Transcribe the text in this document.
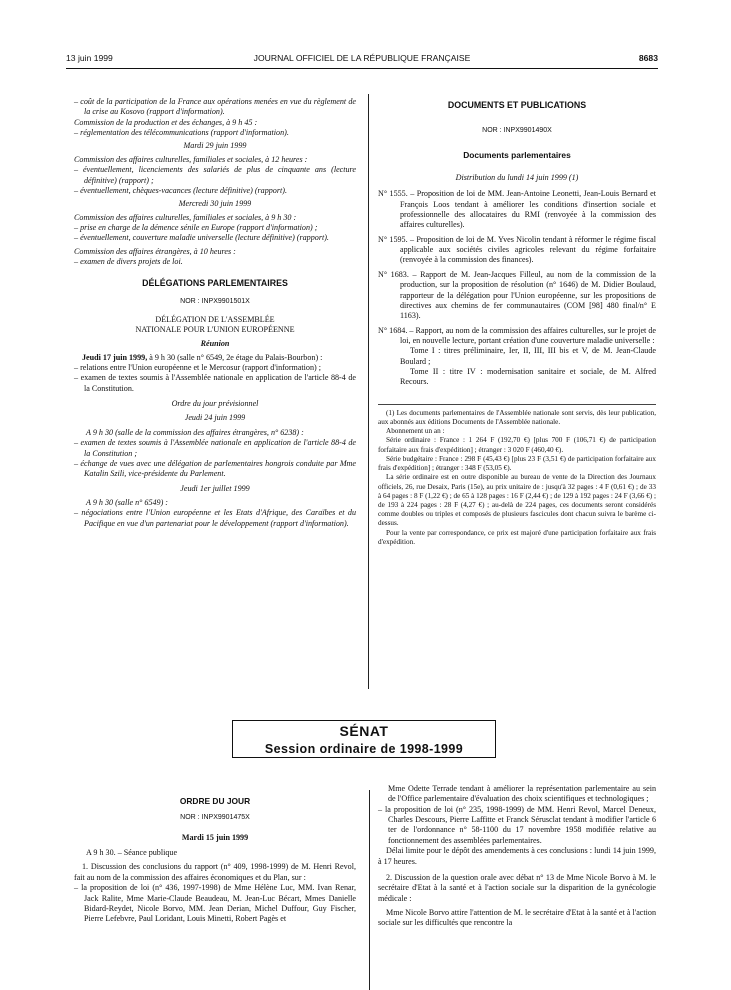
13 juin 1999	JOURNAL OFFICIEL DE LA RÉPUBLIQUE FRANÇAISE	8683

– coût de la participation de la France aux opérations menées en vue du règlement de la crise au Kosovo (rapport d'information).

Commission de la production et des échanges, à 9 h 45 :

– réglementation des télécommunications (rapport d'information).

Mardi 29 juin 1999

Commission des affaires culturelles, familiales et sociales, à 12 heures :

– éventuellement, licenciements des salariés de plus de cinquante ans (lecture définitive) (rapport) ;

– éventuellement, chèques-vacances (lecture définitive) (rapport).

Mercredi 30 juin 1999

Commission des affaires culturelles, familiales et sociales, à 9 h 30 :

– prise en charge de la démence sénile en Europe (rapport d'information) ;

– éventuellement, couverture maladie universelle (lecture définitive) (rapport).

Commission des affaires étrangères, à 10 heures :

– examen de divers projets de loi.

DÉLÉGATIONS PARLEMENTAIRES

NOR : INPX9901501X

DÉLÉGATION DE L'ASSEMBLÉE NATIONALE POUR L'UNION EUROPÉENNE

Réunion

Jeudi 17 juin 1999, à 9 h 30 (salle n° 6549, 2e étage du Palais-Bourbon) :

– relations entre l'Union européenne et le Mercosur (rapport d'information) ;

– examen de textes soumis à l'Assemblée nationale en application de l'article 88-4 de la Constitution.

Ordre du jour prévisionnel

Jeudi 24 juin 1999

A 9 h 30 (salle de la commission des affaires étrangères, n° 6238) :

– examen de textes soumis à l'Assemblée nationale en application de l'article 88-4 de la Constitution ;

– échange de vues avec une délégation de parlementaires hongrois conduite par Mme Katalin Szili, vice-présidente du Parlement.

Jeudi 1er juillet 1999

A 9 h 30 (salle n° 6549) :

– négociations entre l'Union européenne et les Etats d'Afrique, des Caraïbes et du Pacifique en vue d'un partenariat pour le développement (rapport d'information).

DOCUMENTS ET PUBLICATIONS

NOR : INPX9901490X

Documents parlementaires

Distribution du lundi 14 juin 1999 (1)

N° 1555. – Proposition de loi de MM. Jean-Antoine Leonetti, Jean-Louis Bernard et François Loos tendant à améliorer les conditions d'insertion sociale et professionnelle des allocataires du RMI (renvoyée à la commission des affaires culturelles).

N° 1595. – Proposition de loi de M. Yves Nicolin tendant à réformer le régime fiscal applicable aux sociétés civiles agricoles relevant du régime forfaitaire (renvoyée à la commission des finances).

N° 1683. – Rapport de M. Jean-Jacques Filleul, au nom de la commission de la production, sur la proposition de résolution (n° 1646) de M. Didier Boulaud, rapporteur de la délégation pour l'Union européenne, sur les propositions de directives aux chemins de fer communautaires (COM [98] 480 final/n° E 1163).

N° 1684. – Rapport, au nom de la commission des affaires culturelles, sur le projet de loi, en nouvelle lecture, portant création d'une couverture maladie universelle :

Tome I : titres préliminaire, Ier, II, III, III bis et V, de M. Jean-Claude Boulard ;

Tome II : titre IV : modernisation sanitaire et sociale, de M. Alfred Recours.

(1) Les documents parlementaires de l'Assemblée nationale sont servis, dès leur publication, aux abonnés aux éditions Documents de l'Assemblée nationale.

Abonnement un an :

Série ordinaire : France : 1 264 F (192,70 €) [plus 700 F (106,71 €) de participation forfaitaire aux frais d'expédition] ; étranger : 3 020 F (460,40 €).

Série budgétaire : France : 298 F (45,43 €) [plus 23 F (3,51 €) de participation forfaitaire aux frais d'expédition] ; étranger : 348 F (53,05 €).

La série ordinaire est en outre disponible au bureau de vente de la Direction des Journaux officiels, 26, rue Desaix, Paris (15e), au prix unitaire de : jusqu'à 32 pages : 4 F (0,61 €) ; de 33 à 64 pages : 8 F (1,22 €) ; de 65 à 128 pages : 16 F (2,44 €) ; de 129 à 192 pages : 24 F (3,66 €) ; de 193 à 224 pages : 28 F (4,27 €) ; au-delà de 224 pages, ces documents seront considérés comme doubles ou triples et composés de plusieurs fascicules dont chacun suivra le barème ci-dessus.

Pour la vente par correspondance, ce prix est majoré d'une participation forfaitaire aux frais d'expédition.

SÉNAT
Session ordinaire de 1998-1999

ORDRE DU JOUR

NOR : INPX9901475X

Mardi 15 juin 1999

A 9 h 30. – Séance publique

1. Discussion des conclusions du rapport (n° 409, 1998-1999) de M. Henri Revol, fait au nom de la commission des affaires économiques et du Plan, sur :

– la proposition de loi (n° 436, 1997-1998) de Mme Hélène Luc, MM. Ivan Renar, Jack Ralite, Mme Marie-Claude Beaudeau, M. Jean-Luc Bécart, Mmes Danielle Bidard-Reydet, Nicole Borvo, MM. Jean Derian, Michel Duffour, Guy Fischer, Pierre Lefebvre, Paul Loridant, Louis Minetti, Robert Pagès et

Mme Odette Terrade tendant à améliorer la représentation parlementaire au sein de l'Office parlementaire d'évaluation des choix scientifiques et technologiques ;

– la proposition de loi (n° 235, 1998-1999) de MM. Henri Revol, Marcel Deneux, Charles Descours, Pierre Laffitte et Franck Sérusclat tendant à modifier l'article 6 ter de l'ordonnance n° 58-1100 du 17 novembre 1958 modifiée relative au fonctionnement des assemblées parlementaires.

Délai limite pour le dépôt des amendements à ces conclusions : lundi 14 juin 1999, à 17 heures.

2. Discussion de la question orale avec débat n° 13 de Mme Nicole Borvo à M. le secrétaire d'Etat à la santé et à l'action sociale sur la disparition de la gynécologie médicale :

Mme Nicole Borvo attire l'attention de M. le secrétaire d'Etat à la santé et à l'action sociale sur les difficultés que rencontre la
